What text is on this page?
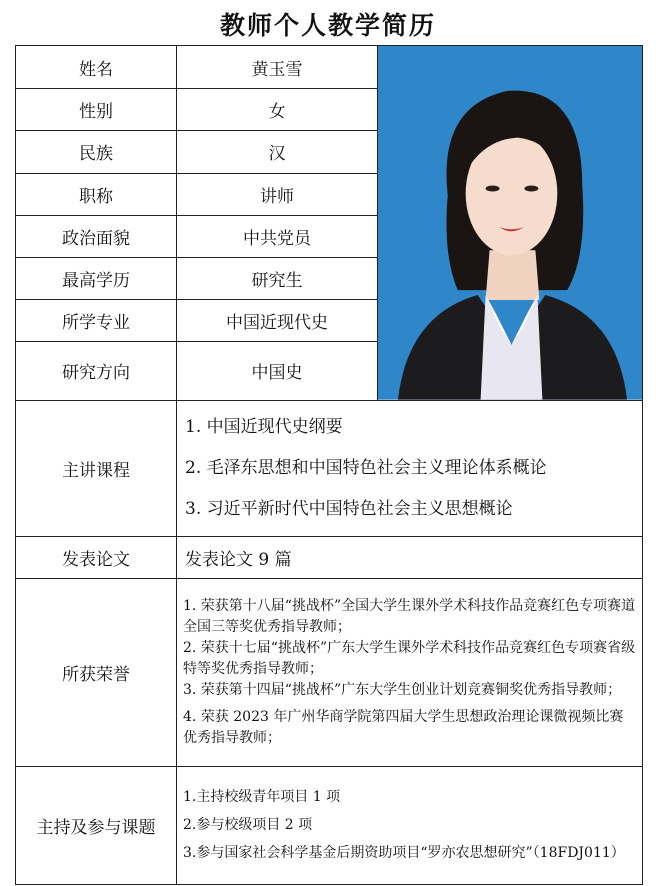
教师个人教学简历
姓名	黄玉雪	

性别	女	
民族	汉	
职称	讲师	
政治面貌	中共党员	
最高学历	研究生	
所学专业	中国近现代史	
研究方向	中国史	
主讲课程	1. 中国近现代史纲要
2. 毛泽东思想和中国特色社会主义理论体系概论
3. 习近平新时代中国特色社会主义思想概论	

发表论文	发表论文 9 篇	
所获荣誉	1. 荣获第十八届“挑战杯”全国大学生课外学术科技作品竞赛红色专项赛道全国三等奖优秀指导教师；

2. 荣获十七届“挑战杯”广东大学生课外学术科技作品竞赛红色专项赛省级特等奖优秀指导教师；

3. 荣获第十四届“挑战杯”广东大学生创业计划竞赛铜奖优秀指导教师；

4. 荣获 2023 年广州华商学院第四届大学生思想政治理论课微视频比赛优秀指导教师；	

主持及参与课题	1.主持校级青年项目 1 项
2.参与校级项目 2 项
3.参与国家社会科学基金后期资助项目“罗亦农思想研究”（18FDJ011）	
